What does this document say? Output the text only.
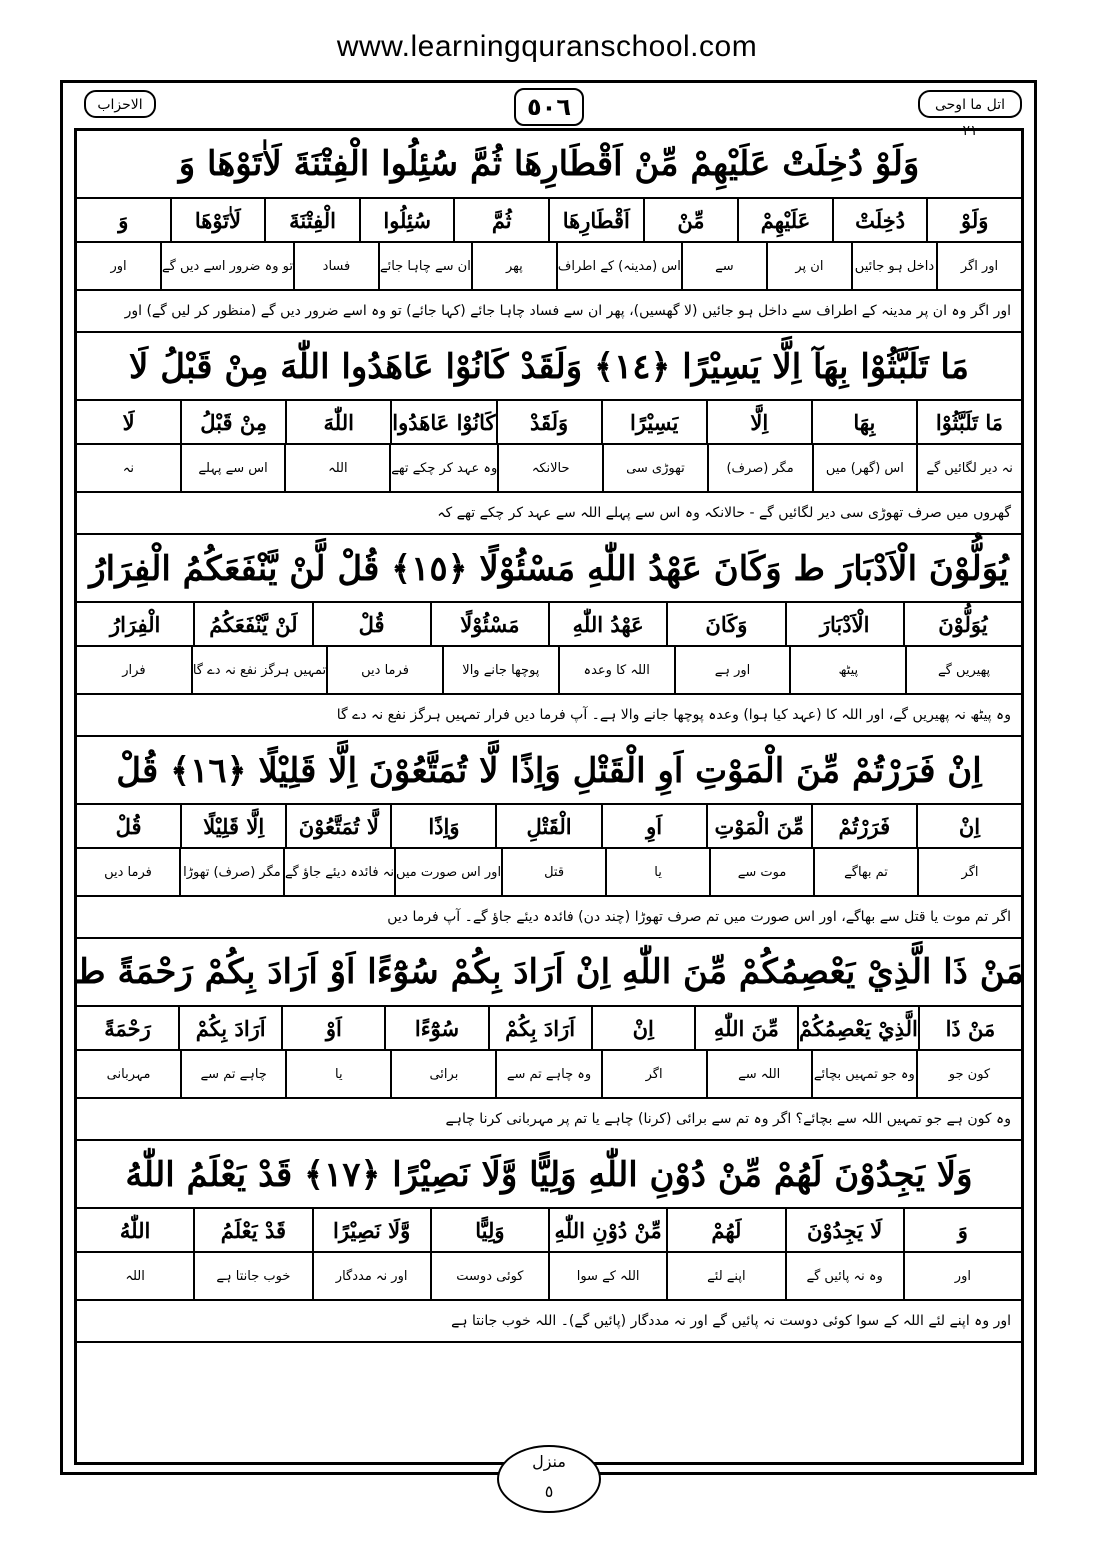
www.learningquranschool.com
الاحزاب	٥٠٦	اتل ما اوحی ٢١
وَلَوْ دُخِلَتْ عَلَيْهِمْ مِّنْ اَقْطَارِهَا ثُمَّ سُئِلُوا الْفِتْنَةَ لَاٰتَوْهَا وَ
وَلَوْ
دُخِلَتْ
عَلَيْهِمْ
مِّنْ
اَقْطَارِهَا
ثُمَّ
سُئِلُوا
الْفِتْنَةَ
لَاٰتَوْهَا
وَ
اور اگر
داخل ہو جائیں
ان پر
سے
اس (مدینہ) کے اطراف
پھر
ان سے چاہا جائے
فساد
تو وہ ضرور اسے دیں گے
اور
اور اگر وہ ان پر مدینہ کے اطراف سے داخل ہو جائیں (لا گھسیں)، پھر ان سے فساد چاہا جائے (کہا جائے) تو وہ اسے ضرور دیں گے (منظور کر لیں گے) اور
مَا تَلَبَّثُوْا بِهَآ اِلَّا يَسِيْرًا ﴿١٤﴾ وَلَقَدْ كَانُوْا عَاهَدُوا اللّٰهَ مِنْ قَبْلُ لَا
مَا تَلَبَّثُوْا
بِهَا
اِلَّا
يَسِيْرًا
وَلَقَدْ
كَانُوْا عَاهَدُوا
اللّٰهَ
مِنْ قَبْلُ
لَا
نہ دیر لگائیں گے
اس (گھر) میں
مگر (صرف)
تھوڑی سی
حالانکہ
وہ عہد کر چکے تھے
اللہ
اس سے پہلے
نہ
گھروں میں صرف تھوڑی سی دیر لگائیں گے - حالانکہ وہ اس سے پہلے اللہ سے عہد کر چکے تھے کہ
يُوَلُّوْنَ الْاَدْبَارَ ط وَكَانَ عَهْدُ اللّٰهِ مَسْئُوْلًا ﴿١٥﴾ قُلْ لَّنْ يَّنْفَعَكُمُ الْفِرَارُ
يُوَلُّوْنَ
الْاَدْبَارَ
وَكَانَ
عَهْدُ اللّٰهِ
مَسْئُوْلًا
قُلْ
لَنْ يَّنْفَعَكُمُ
الْفِرَارُ
پھیریں گے
پیٹھ
اور ہے
اللہ کا وعدہ
پوچھا جانے والا
فرما دیں
تمہیں ہرگز نفع نہ دے گا
فرار
وہ پیٹھ نہ پھیریں گے، اور اللہ کا (عہد کیا ہوا) وعدہ پوچھا جانے والا ہے۔ آپ فرما دیں فرار تمہیں ہرگز نفع نہ دے گا
اِنْ فَرَرْتُمْ مِّنَ الْمَوْتِ اَوِ الْقَتْلِ وَاِذًا لَّا تُمَتَّعُوْنَ اِلَّا قَلِيْلًا ﴿١٦﴾ قُلْ
اِنْ
فَرَرْتُمْ
مِّنَ الْمَوْتِ
اَوِ
الْقَتْلِ
وَاِذًا
لَّا تُمَتَّعُوْنَ
اِلَّا قَلِيْلًا
قُلْ
اگر
تم بھاگے
موت سے
یا
قتل
اور اس صورت میں
نہ فائدہ دیئے جاؤ گے
مگر (صرف) تھوڑا
فرما دیں
اگر تم موت یا قتل سے بھاگے، اور اس صورت میں تم صرف تھوڑا (چند دن) فائدہ دیئے جاؤ گے۔ آپ فرما دیں
مَنْ ذَا الَّذِيْ يَعْصِمُكُمْ مِّنَ اللّٰهِ اِنْ اَرَادَ بِكُمْ سُوْٓءًا اَوْ اَرَادَ بِكُمْ رَحْمَةً ط
مَنْ ذَا
الَّذِيْ يَعْصِمُكُمْ
مِّنَ اللّٰهِ
اِنْ
اَرَادَ بِكُمْ
سُوْٓءًا
اَوْ
اَرَادَ بِكُمْ
رَحْمَةً
کون جو
وہ جو تمہیں بچائے
اللہ سے
اگر
وہ چاہے تم سے
برائی
یا
چاہے تم سے
مہربانی
وہ کون ہے جو تمہیں اللہ سے بچائے؟ اگر وہ تم سے برائی (کرنا) چاہے یا تم پر مہربانی کرنا چاہے
وَلَا يَجِدُوْنَ لَهُمْ مِّنْ دُوْنِ اللّٰهِ وَلِيًّا وَّلَا نَصِيْرًا ﴿١٧﴾ قَدْ يَعْلَمُ اللّٰهُ
وَ
لَا يَجِدُوْنَ
لَهُمْ
مِّنْ دُوْنِ اللّٰهِ
وَلِيًّا
وَّلَا نَصِيْرًا
قَدْ يَعْلَمُ
اللّٰهُ
اور
وہ نہ پائیں گے
اپنے لئے
اللہ کے سوا
کوئی دوست
اور نہ مددگار
خوب جانتا ہے
اللہ
اور وہ اپنے لئے اللہ کے سوا کوئی دوست نہ پائیں گے اور نہ مددگار (پائیں گے)۔ اللہ خوب جانتا ہے
منزل
٥
